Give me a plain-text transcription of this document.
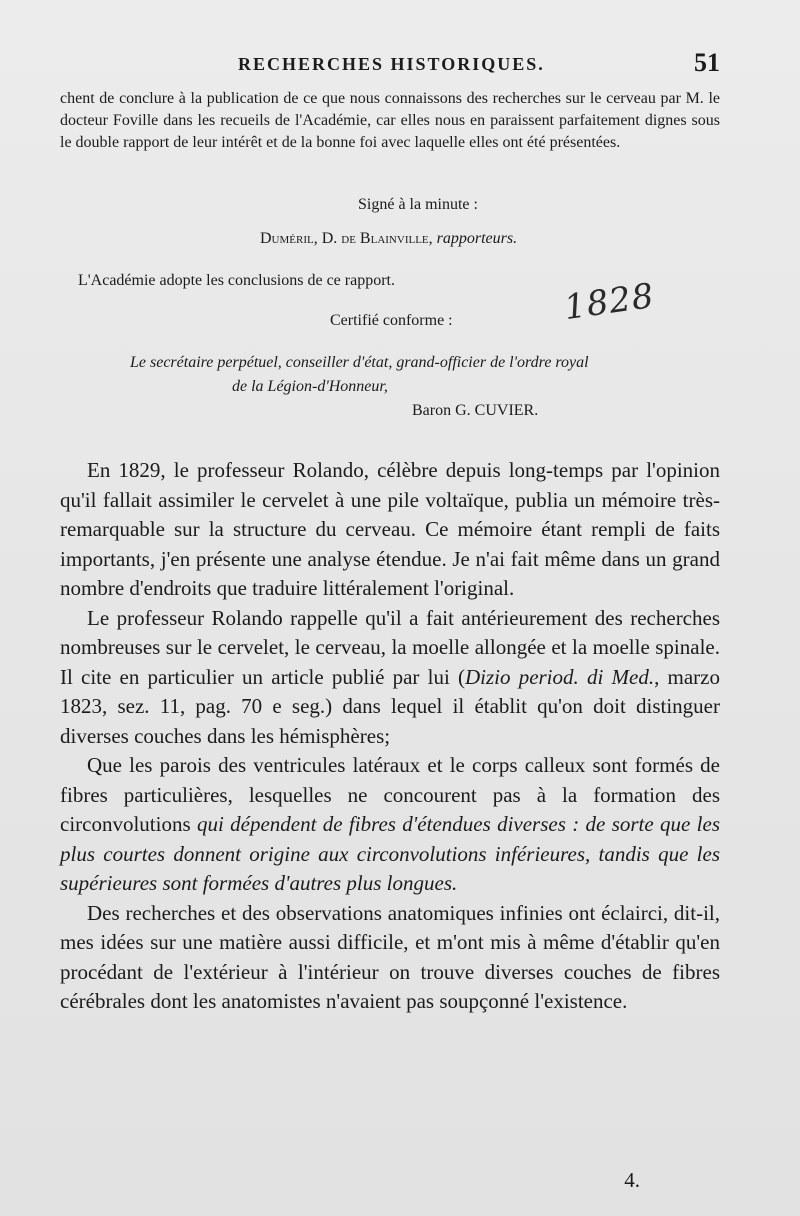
RECHERCHES HISTORIQUES.	51

chent de conclure à la publication de ce que nous connaissons des recherches sur le cerveau par M. le docteur Foville dans les recueils de l'Académie, car elles nous en paraissent parfaitement dignes sous le double rapport de leur intérêt et de la bonne foi avec laquelle elles ont été présentées.

Signé à la minute :
Duméril, D. de Blainville, rapporteurs.
L'Académie adopte les conclusions de ce rapport.
Certifié conforme :	1828
Le secrétaire perpétuel, conseiller d'état, grand-officier de l'ordre royal
de la Légion-d'Honneur,
Baron G. CUVIER.

En 1829, le professeur Rolando, célèbre depuis long-temps par l'opinion qu'il fallait assimiler le cervelet à une pile voltaïque, publia un mémoire très-remarquable sur la structure du cerveau. Ce mémoire étant rempli de faits importants, j'en présente une analyse étendue. Je n'ai fait même dans un grand nombre d'endroits que traduire littéralement l'original.

Le professeur Rolando rappelle qu'il a fait antérieurement des recherches nombreuses sur le cervelet, le cerveau, la moelle allongée et la moelle spinale. Il cite en particulier un article publié par lui (Dizio period. di Med., marzo 1823, sez. 11, pag. 70 e seg.) dans lequel il établit qu'on doit distinguer diverses couches dans les hémisphères;

Que les parois des ventricules latéraux et le corps calleux sont formés de fibres particulières, lesquelles ne concourent pas à la formation des circonvolutions qui dépendent de fibres d'étendues diverses : de sorte que les plus courtes donnent origine aux circonvolutions inférieures, tandis que les supérieures sont formées d'autres plus longues.

Des recherches et des observations anatomiques infinies ont éclairci, dit-il, mes idées sur une matière aussi difficile, et m'ont mis à même d'établir qu'en procédant de l'extérieur à l'intérieur on trouve diverses couches de fibres cérébrales dont les anatomistes n'avaient pas soupçonné l'existence.

4.
